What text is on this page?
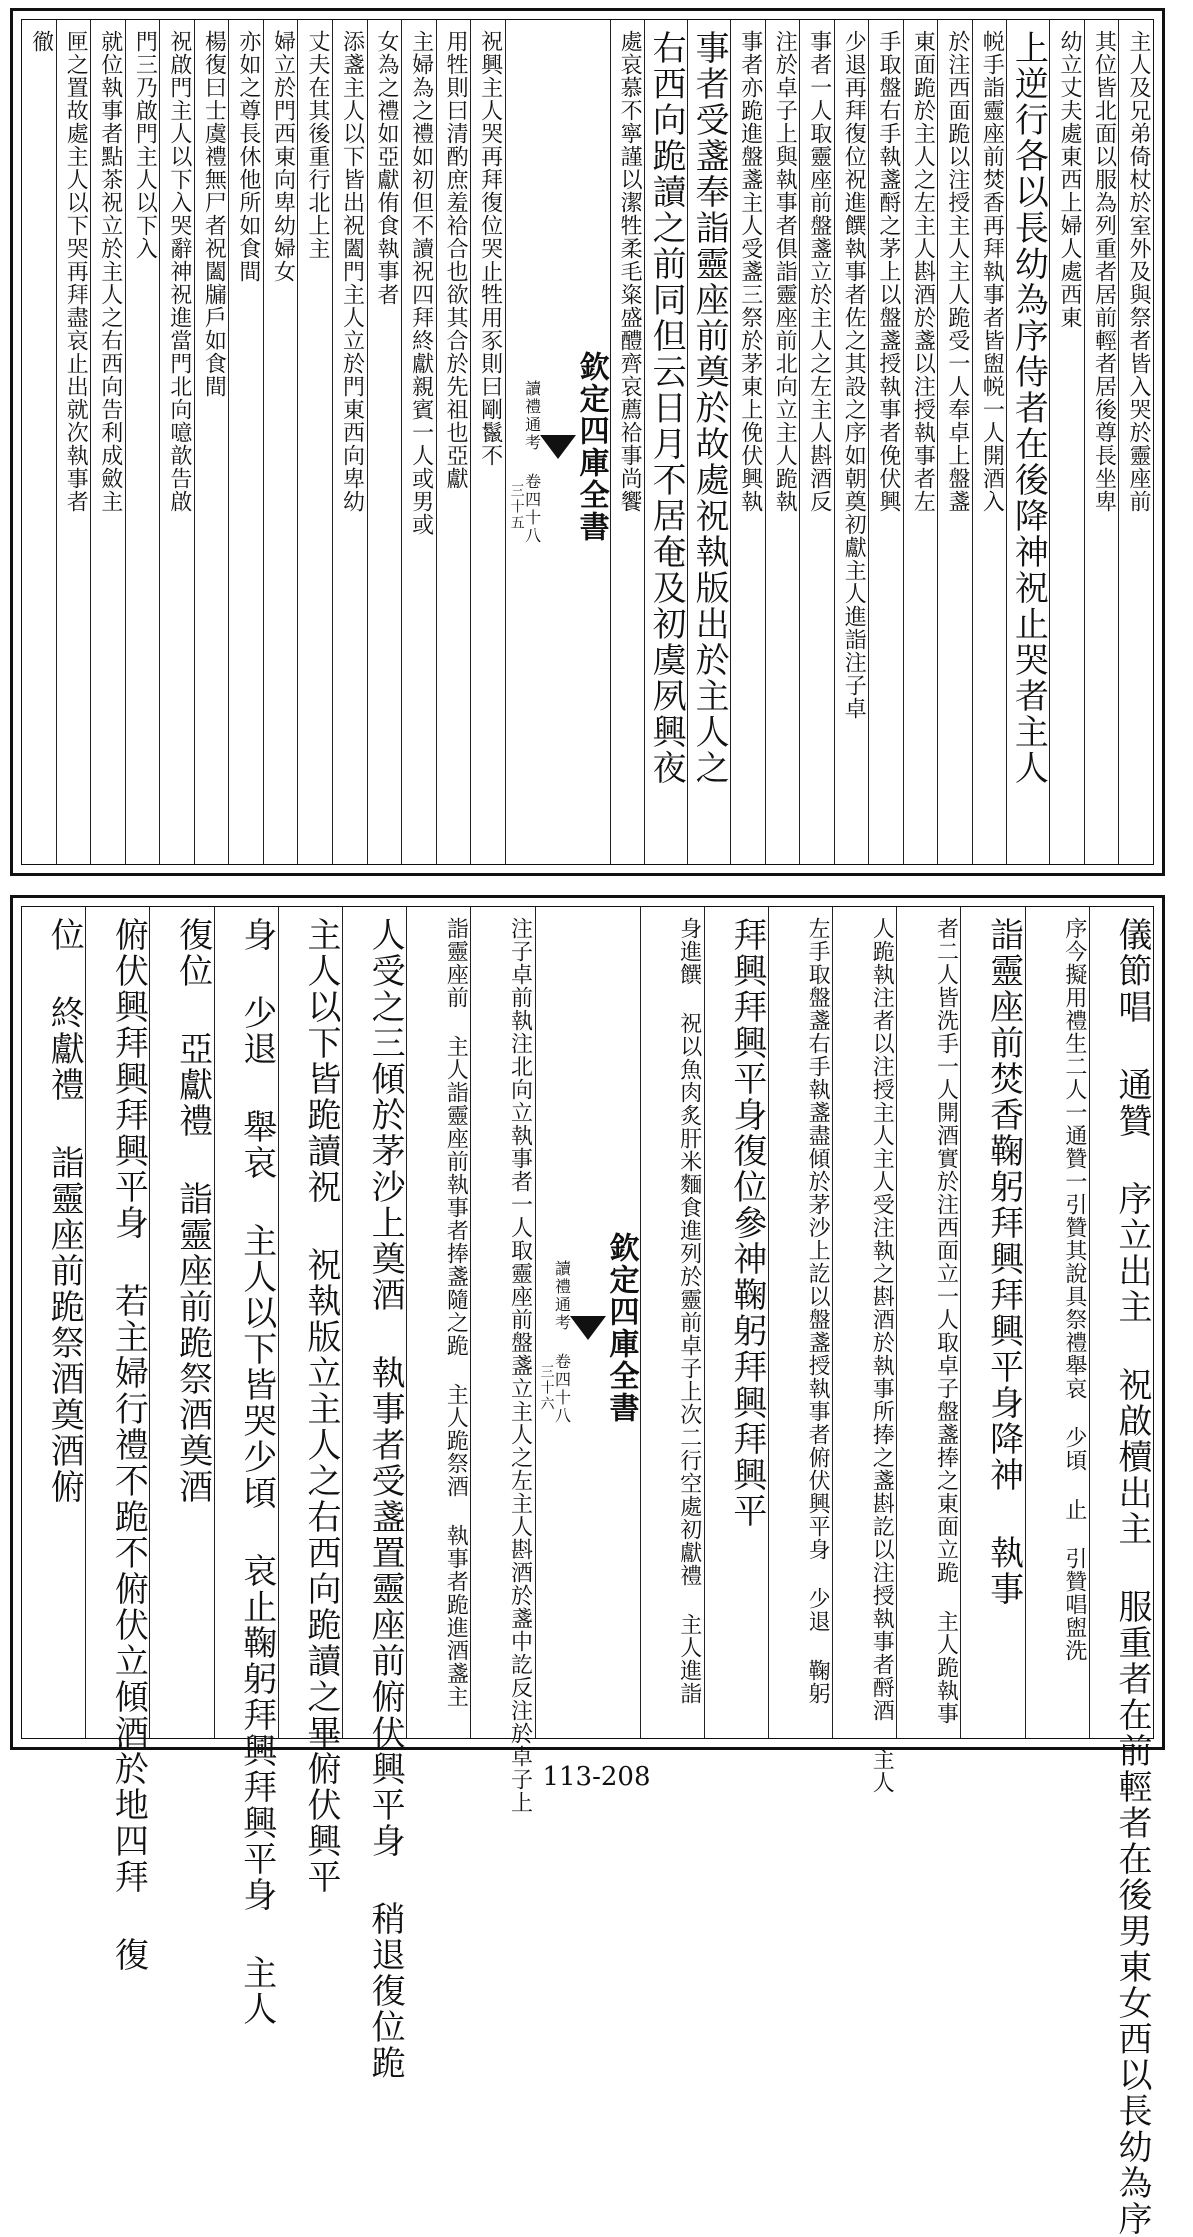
主人及兄弟倚杖於室外及與祭者皆入哭於靈座前
其位皆北面以服為列重者居前輕者居後尊長坐卑
幼立丈夫處東西上婦人處西東
上逆行各以長幼為序侍者在後降神祝止哭者主人
帨手詣靈座前焚香再拜執事者皆盥帨一人開酒入
於注西面跪以注授主人主人跪受一人奉卓上盤盞
東面跪於主人之左主人斟酒於盞以注授執事者左
手取盤右手執盞酹之茅上以盤盞授執事者俛伏興
少退再拜復位祝進饌執事者佐之其設之序如朝奠初獻主人進詣注子卓
事者一人取靈座前盤盞立於主人之左主人斟酒反
注於卓子上與執事者俱詣靈座前北向立主人跪執
事者亦跪進盤盞主人受盞三祭於茅東上俛伏興執
事者受盞奉詣靈座前奠於故處祝執版出於主人之
右西向跪讀之前同但云日月不居奄及初虞夙興夜
處哀慕不寧謹以潔牲柔毛粢盛醴齊哀薦祫事尚饗
欽定四庫全書
讀禮通考 卷四十八
三十五
祝興主人哭再拜復位哭止牲用豕則曰剛鬣不
用牲則曰清酌庶羞祫合也欲其合於先祖也亞獻
主婦為之禮如初但不讀祝四拜終獻親賓一人或男或
女為之禮如亞獻侑食執事者
添盞主人以下皆出祝闔門主人立於門東西向卑幼
丈夫在其後重行北上主
婦立於門西東向卑幼婦女
亦如之尊長休他所如食間
楊復曰士虞禮無尸者祝闔牖戶如食間
祝啟門主人以下入哭辭神祝進當門北向噫歆告啟
門三乃啟門主人以下入
就位執事者點茶祝立於主人之右西向告利成斂主
匣之置故處主人以下哭再拜盡哀止出就次執事者
徹
儀節唱 通贊 序立出主 祝啟櫝出主 服重者在前輕者在後男東女西以長幼為序
序今擬用禮生二人一通贊一引贊其說具祭禮舉哀 少頃 止 引贊唱盥洗
詣靈座前焚香鞠躬拜興拜興平身降神 執事
者二人皆洗手一人開酒實於注西面立一人取卓子盤盞捧之東面立跪 主人跪執事
人跪執注者以注授主人主人受注執之斟酒於執事所捧之盞斟訖以注授執事者酹酒 主人
左手取盤盞右手執盞盡傾於茅沙上訖以盤盞授執事者俯伏興平身 少退 鞠躬
拜興拜興平身復位參神鞠躬拜興拜興平
身進饌 祝以魚肉炙肝米麵食進列於靈前卓子上次二行空處初獻禮 主人進詣
欽定四庫全書
讀禮通考 卷四十八
三十六
注子卓前執注北向立執事者一人取靈座前盤盞立主人之左主人斟酒於盞中訖反注於卓子上
詣靈座前 主人詣靈座前執事者捧盞隨之跪 主人跪祭酒 執事者跪進酒盞主
人受之三傾於茅沙上奠酒 執事者受盞置靈座前俯伏興平身 稍退復位跪
主人以下皆跪讀祝 祝執版立主人之右西向跪讀之畢俯伏興平
身 少退 舉哀 主人以下皆哭少頃 哀止鞠躬拜興拜興平身 主人
復位 亞獻禮 詣靈座前跪祭酒奠酒
俯伏興拜興拜興平身 若主婦行禮不跪不俯伏立傾酒於地四拜 復
位 終獻禮 詣靈座前跪祭酒奠酒俯
113-208
